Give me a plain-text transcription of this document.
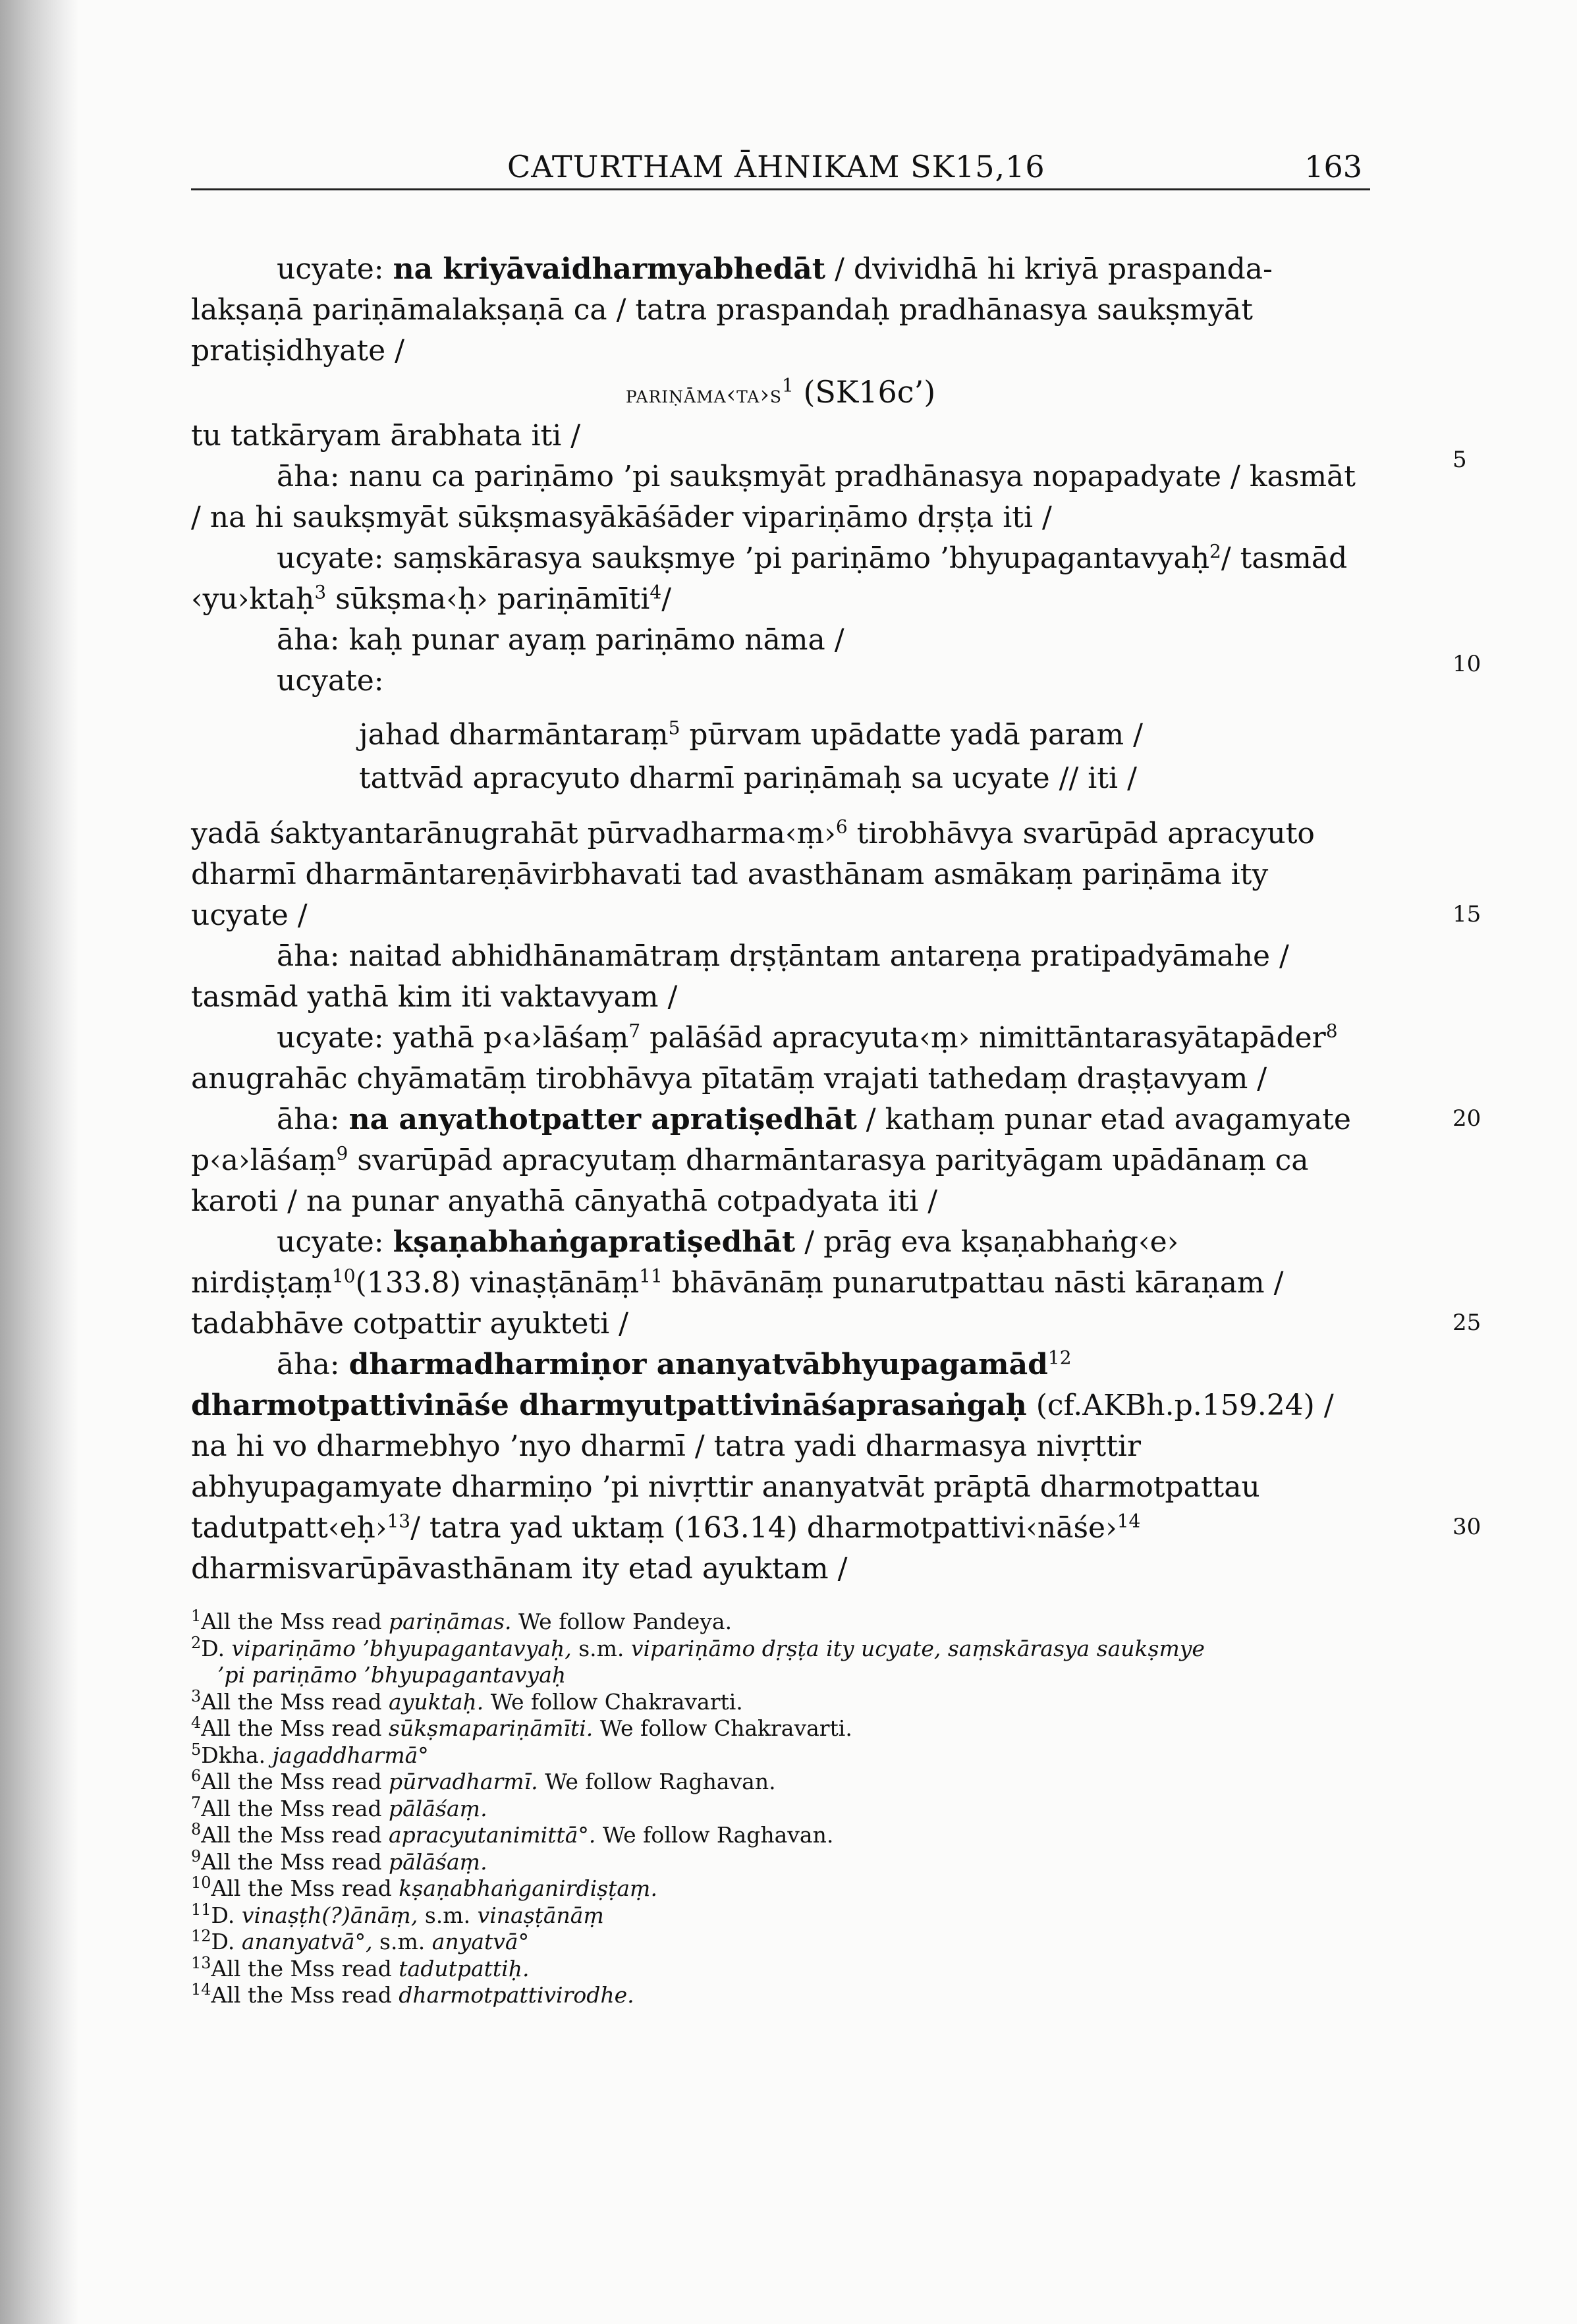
CATURTHAM ĀHNIKAM SK15,16	163
5
10
15
20
25
30

ucyate: na kriyāvaidharmyabhedāt / dvividhā hi kriyā praspanda-lakṣaṇā pariṇāmalakṣaṇā ca / tatra praspandaḥ pradhānasya saukṣmyāt pratiṣidhyate /

$pariṇāma‹ta›s^1$ (SK16c’)

tu tatkāryam ārabhata iti /

āha: nanu ca pariṇāmo ’pi saukṣmyāt pradhānasya nopapadyate / kasmāt / na hi saukṣmyāt sūkṣmasyākāśāder vipariṇāmo dṛṣṭa iti /

ucyate: saṃskārasya saukṣmye ’pi pariṇāmo ’bhyupagantavyaḥ$^2$/ tasmād ‹yu›ktaḥ$^3$ sūkṣma‹ḥ› pariṇāmīti$^4$/

āha: kaḥ punar ayaṃ pariṇāmo nāma /

ucyate:

jahad dharmāntaraṃ$^5$ pūrvam upādatte yadā param /

tattvād apracyuto dharmī pariṇāmaḥ sa ucyate // iti /

yadā śaktyantarānugrahāt pūrvadharma‹ṃ›$^6$ tirobhāvya svarūpād apracyuto dharmī dharmāntareṇāvirbhavati tad avasthānam asmākaṃ pariṇāma ity ucyate /

āha: naitad abhidhānamātraṃ dṛṣṭāntam antareṇa pratipadyāmahe / tasmād yathā kim iti vaktavyam /

ucyate: yathā p‹a›lāśaṃ$^7$ palāśād apracyuta‹ṃ› nimittāntarasyātapāder$^8$ anugrahāc chyāmatāṃ tirobhāvya pītatāṃ vrajati tathedaṃ draṣṭavyam /

āha: na anyathotpatter apratiṣedhāt / kathaṃ punar etad avagamyate p‹a›lāśaṃ$^9$ svarūpād apracyutaṃ dharmāntarasya parityāgam upādānaṃ ca karoti / na punar anyathā cānyathā cotpadyata iti /

ucyate: kṣaṇabhaṅgapratiṣedhāt / prāg eva kṣaṇabhaṅg‹e› nirdiṣṭaṃ$^{10}$(133.8) vinaṣṭānāṃ$^{11}$ bhāvānāṃ punarutpattau nāsti kāraṇam / tadabhāve cotpattir ayukteti /

āha: dharmadharmiṇor ananyatvābhyupagamād$^{12}$ dharmotpattivināśe dharmyutpattivināśaprasaṅgaḥ (cf.AKBh.p.159.24) / na hi vo dharmebhyo ’nyo dharmī / tatra yadi dharmasya nivṛttir abhyupagamyate dharmiṇo ’pi nivṛttir ananyatvāt prāptā dharmotpattau tadutpatt‹eḥ›$^{13}$/ tatra yad uktaṃ (163.14) dharmotpattivi‹nāśe›$^{14}$ dharmisvarūpāvasthānam ity etad ayuktam /

$^1$All the Mss read pariṇāmas. We follow Pandeya.

$^2$D. vipariṇāmo ’bhyupagantavyaḥ, s.m. vipariṇāmo dṛṣṭa ity ucyate, saṃskārasya saukṣmye

’pi pariṇāmo ’bhyupagantavyaḥ

$^3$All the Mss read ayuktaḥ. We follow Chakravarti.

$^4$All the Mss read sūkṣmapariṇāmīti. We follow Chakravarti.

$^5$Dkha. jagaddharmā°

$^6$All the Mss read pūrvadharmī. We follow Raghavan.

$^7$All the Mss read pālāśaṃ.

$^8$All the Mss read apracyutanimittā°. We follow Raghavan.

$^9$All the Mss read pālāśaṃ.

$^{10}$All the Mss read kṣaṇabhaṅganirdiṣṭaṃ.

$^{11}$D. vinaṣṭh(?)ānāṃ, s.m. vinaṣṭānāṃ

$^{12}$D. ananyatvā°, s.m. anyatvā°

$^{13}$All the Mss read tadutpattiḥ.

$^{14}$All the Mss read dharmotpattivirodhe.
